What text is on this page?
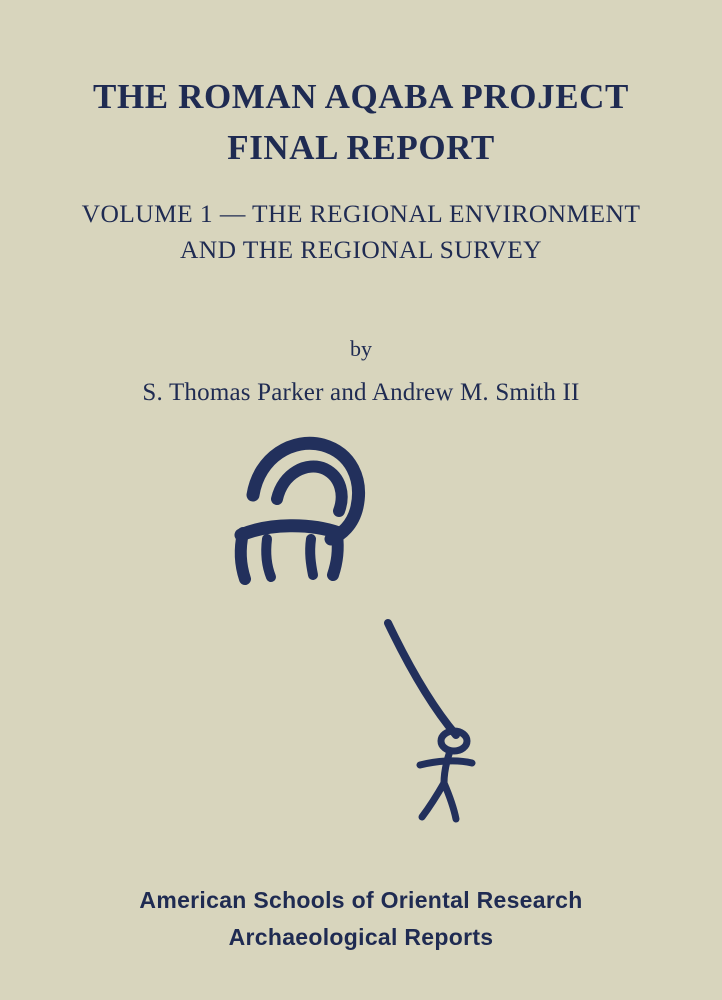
THE ROMAN AQABA PROJECT
FINAL REPORT
VOLUME 1 — THE REGIONAL ENVIRONMENT
AND THE REGIONAL SURVEY
by
S. Thomas Parker and Andrew M. Smith II
American Schools of Oriental Research
Archaeological Reports
